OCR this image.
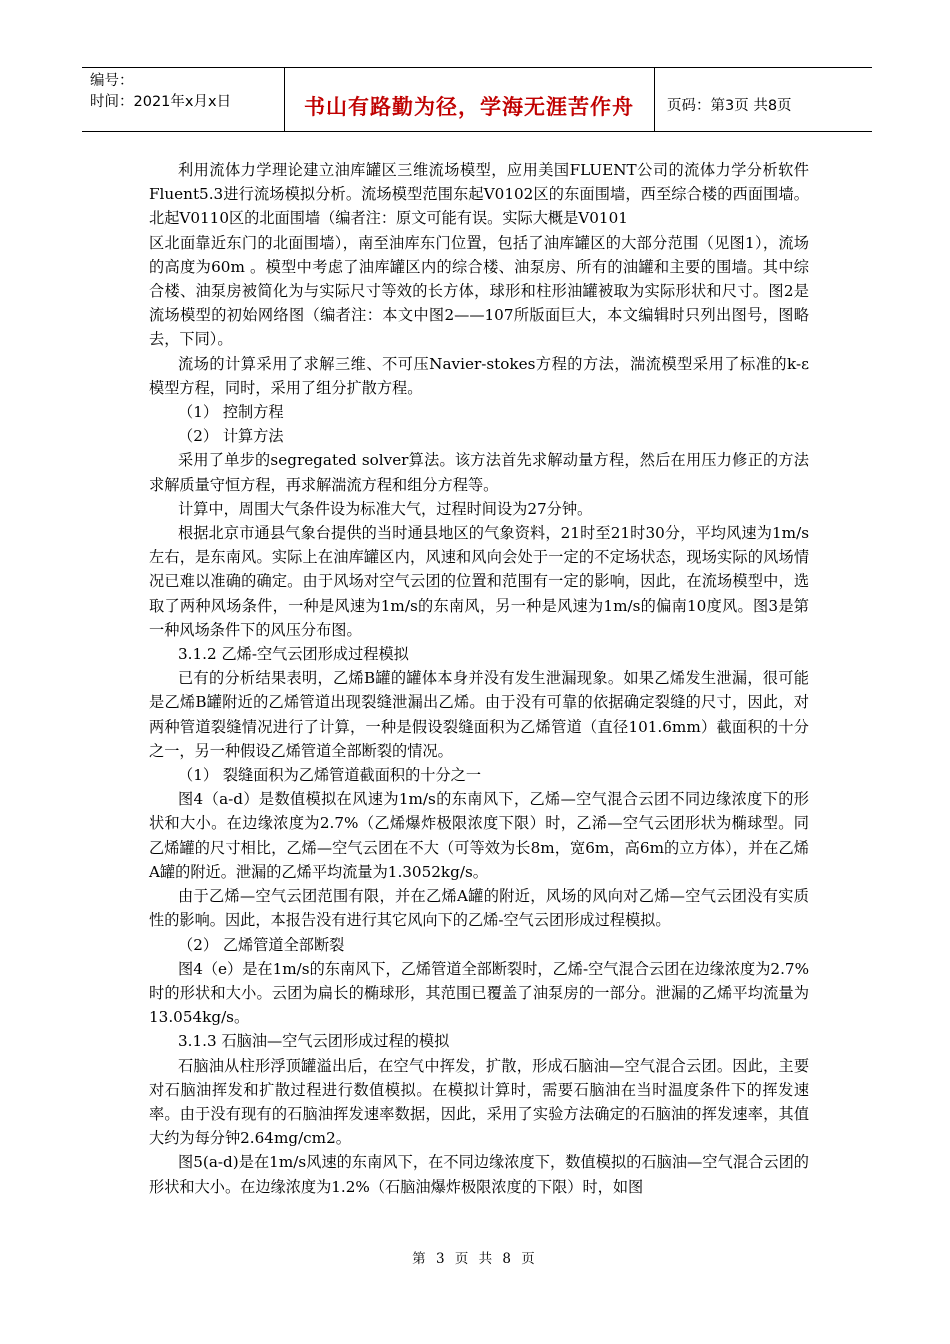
编号：
时间：2021年x月x日	书山有路勤为径，学海无涯苦作舟	页码：第3页 共8页

利用流体力学理论建立油库罐区三维流场模型，应用美国FLUENT公司的流体力学分析软件Fluent5.3进行流场模拟分析。流场模型范围东起V0102区的东面围墙，西至综合楼的西面围墙。北起V0110区的北面围墙（编者注：原文可能有误。实际大概是V0101

区北面靠近东门的北面围墙），南至油库东门位置，包括了油库罐区的大部分范围（见图1），流场的高度为60m 。模型中考虑了油库罐区内的综合楼、油泵房、所有的油罐和主要的围墙。其中综合楼、油泵房被简化为与实际尺寸等效的长方体，球形和柱形油罐被取为实际形状和尺寸。图2是流场模型的初始网络图（编者注：本文中图2——107所版面巨大，本文编辑时只列出图号，图略去，下同）。

流场的计算采用了求解三维、不可压Navier-stokes方程的方法，湍流模型采用了标准的k-ε 模型方程，同时，采用了组分扩散方程。

（1） 控制方程

（2） 计算方法

采用了单步的segregated solver算法。该方法首先求解动量方程，然后在用压力修正的方法求解质量守恒方程，再求解湍流方程和组分方程等。

计算中，周围大气条件设为标准大气，过程时间设为27分钟。

根据北京市通县气象台提供的当时通县地区的气象资料，21时至21时30分，平均风速为1m/s左右，是东南风。实际上在油库罐区内，风速和风向会处于一定的不定场状态，现场实际的风场情况已难以准确的确定。由于风场对空气云团的位置和范围有一定的影响，因此，在流场模型中，选取了两种风场条件，一种是风速为1m/s的东南风，另一种是风速为1m/s的偏南10度风。图3是第一种风场条件下的风压分布图。

3.1.2 乙烯-空气云团形成过程模拟

已有的分析结果表明，乙烯B罐的罐体本身并没有发生泄漏现象。如果乙烯发生泄漏，很可能是乙烯B罐附近的乙烯管道出现裂缝泄漏出乙烯。由于没有可靠的依据确定裂缝的尺寸，因此，对两种管道裂缝情况进行了计算，一种是假设裂缝面积为乙烯管道（直径101.6mm）截面积的十分之一，另一种假设乙烯管道全部断裂的情况。

（1） 裂缝面积为乙烯管道截面积的十分之一

图4（a-d）是数值模拟在风速为1m/s的东南风下，乙烯—空气混合云团不同边缘浓度下的形状和大小。在边缘浓度为2.7%（乙烯爆炸极限浓度下限）时，乙浠—空气云团形状为椭球型。同乙烯罐的尺寸相比，乙烯—空气云团在不大（可等效为长8m，宽6m，高6m的立方体），并在乙烯A罐的附近。泄漏的乙烯平均流量为1.3052kg/s。

由于乙烯—空气云团范围有限，并在乙烯A罐的附近，风场的风向对乙烯—空气云团没有实质性的影响。因此，本报告没有进行其它风向下的乙烯-空气云团形成过程模拟。

（2） 乙烯管道全部断裂

图4（e）是在1m/s的东南风下，乙烯管道全部断裂时，乙烯-空气混合云团在边缘浓度为2.7%时的形状和大小。云团为扁长的椭球形，其范围已覆盖了油泵房的一部分。泄漏的乙烯平均流量为13.054kg/s。

3.1.3 石脑油—空气云团形成过程的模拟

石脑油从柱形浮顶罐溢出后，在空气中挥发，扩散，形成石脑油—空气混合云团。因此，主要对石脑油挥发和扩散过程进行数值模拟。在模拟计算时，需要石脑油在当时温度条件下的挥发速率。由于没有现有的石脑油挥发速率数据，因此，采用了实验方法确定的石脑油的挥发速率，其值大约为每分钟2.64mg/cm2。

图5(a-d)是在1m/s风速的东南风下，在不同边缘浓度下，数值模拟的石脑油—空气混合云团的形状和大小。在边缘浓度为1.2%（石脑油爆炸极限浓度的下限）时，如图

第 3 页 共 8 页
